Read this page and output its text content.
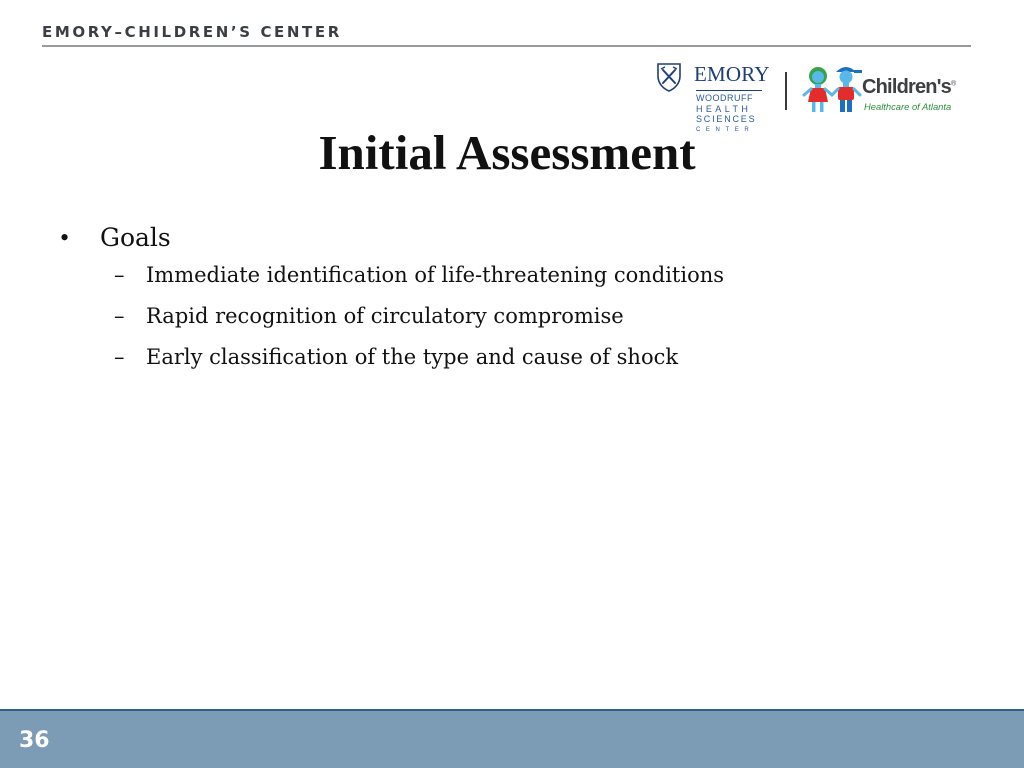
EMORY–CHILDREN’S CENTER
EMORY
WOODRUFF
HEALTH
SCIENCES
CENTER
Children's®
Healthcare of Atlanta
Initial Assessment
•	Goals
–	Immediate identification of life-threatening conditions
–	Rapid recognition of circulatory compromise
–	Early classification of the type and cause of shock
36
